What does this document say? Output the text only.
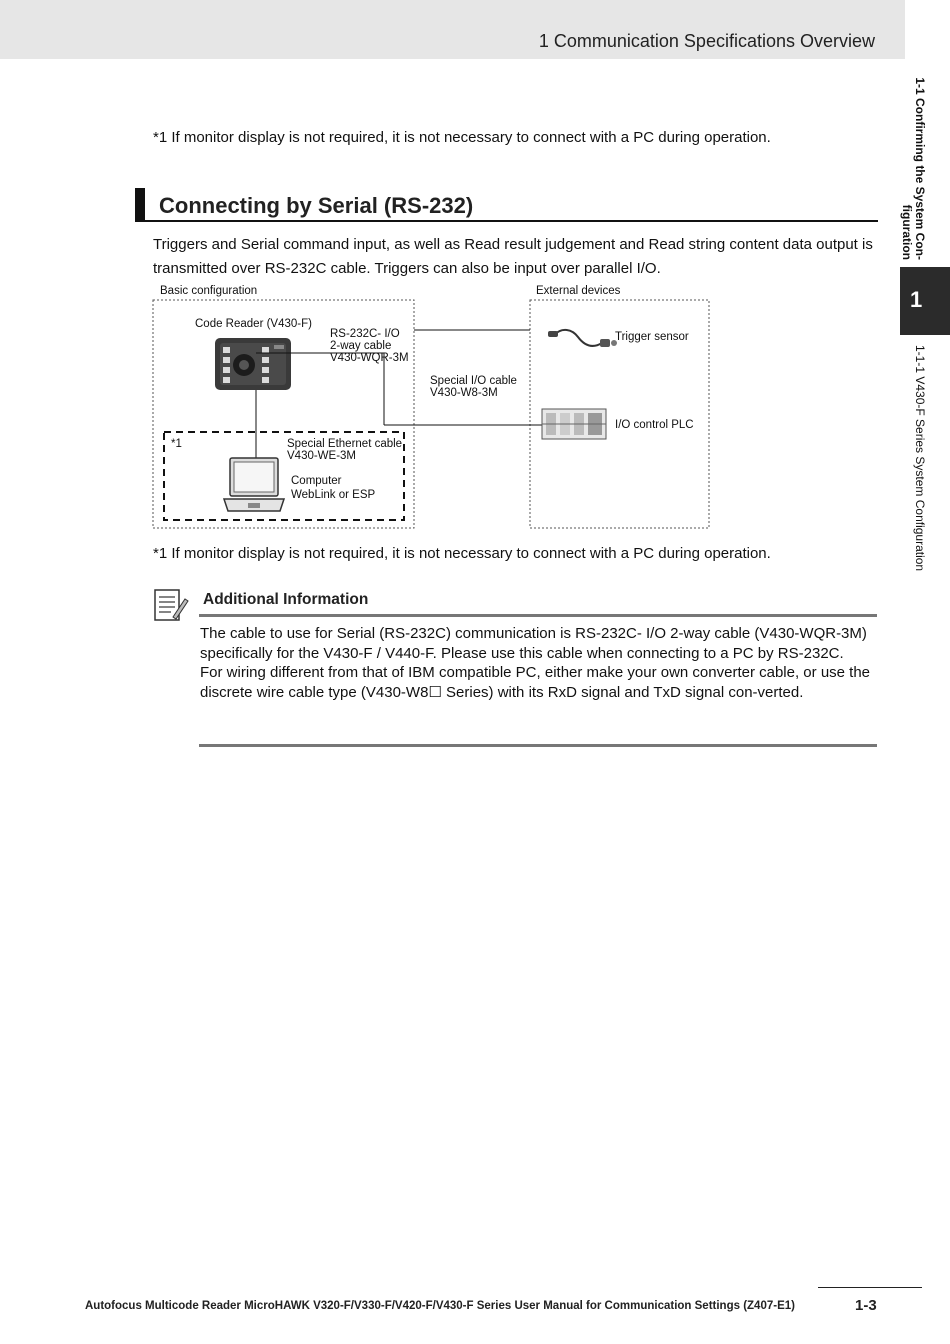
1 Communication Specifications Overview
1-1 Confirming the System Con-figuration
1
1-1-1 V430-F Series System Configuration
*1 If monitor display is not required, it is not necessary to connect with a PC during operation.
Connecting by Serial (RS-232)
Triggers and Serial command input, as well as Read result judgement and Read string content data output is transmitted over RS-232C cable. Triggers can also be input over parallel I/O.
Basic configuration	External devices
Code Reader (V430-F)
RS-232C- I/O
2-way cable
V430-WQR-3M
Special I/O cable
V430-W8-3M
Trigger sensor
I/O control PLC
*1	Special Ethernet cable
V430-WE-3M
Computer
WebLink or ESP
*1 If monitor display is not required, it is not necessary to connect with a PC during operation.
Additional Information

The cable to use for Serial (RS-232C) communication is RS-232C- I/O 2-way cable (V430-WQR-3M) specifically for the V430-F / V440-F. Please use this cable when connecting to a PC by RS-232C.

For wiring different from that of IBM compatible PC, either make your own converter cable, or use the discrete wire cable type (V430-W8☐ Series) with its RxD signal and TxD signal con-verted.

Autofocus Multicode Reader MicroHAWK V320-F/V330-F/V420-F/V430-F Series User Manual for Communication Settings (Z407-E1)	1-3
